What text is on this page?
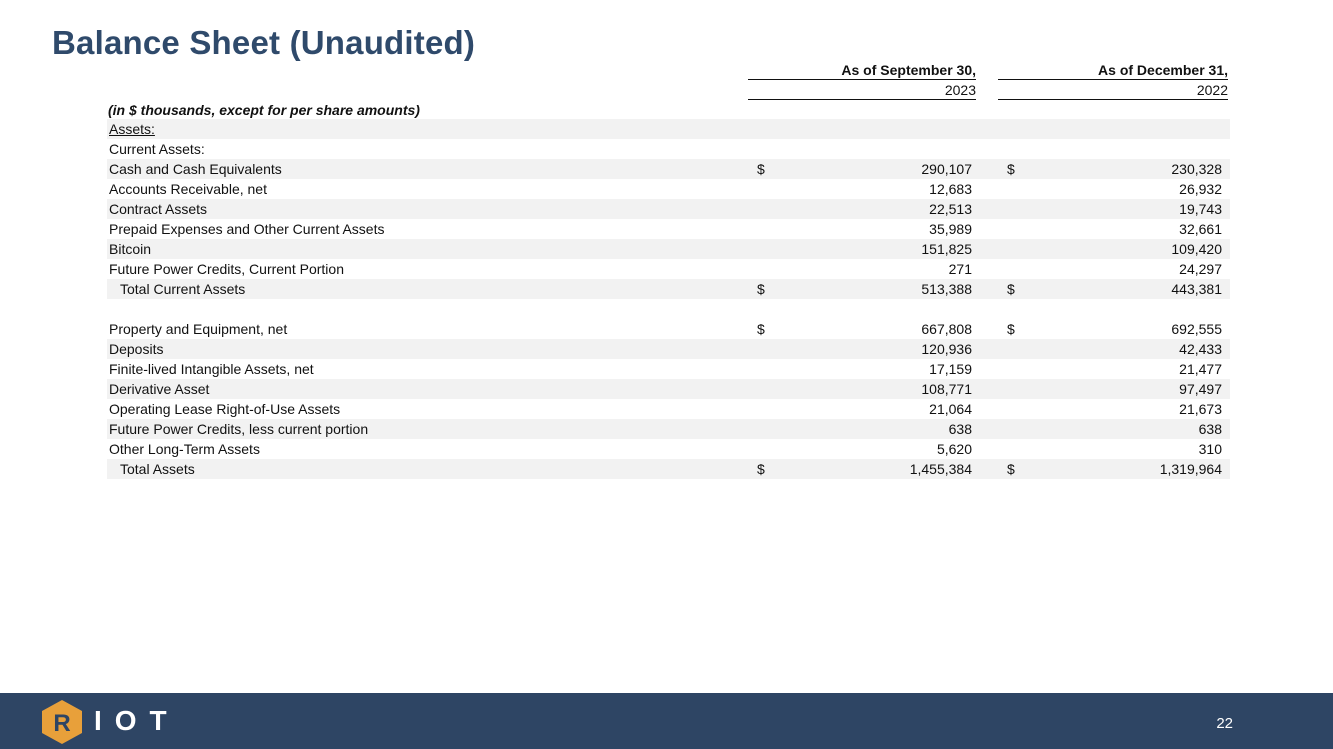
Balance Sheet (Unaudited)
As of September 30,	As of December 31,
2023	2022
(in $ thousands, except for per share amounts)
Assets:
Current Assets:
Cash and Cash Equivalents	$	290,107	$	230,328
Accounts Receivable, net	12,683	26,932
Contract Assets	22,513	19,743
Prepaid Expenses and Other Current Assets	35,989	32,661
Bitcoin	151,825	109,420
Future Power Credits, Current Portion	271	24,297
Total Current Assets	$	513,388	$	443,381
Property and Equipment, net	$	667,808	$	692,555
Deposits	120,936	42,433
Finite-lived Intangible Assets, net	17,159	21,477
Derivative Asset	108,771	97,497
Operating Lease Right-of-Use Assets	21,064	21,673
Future Power Credits, less current portion	638	638
Other Long-Term Assets	5,620	310
Total Assets	$	1,455,384	$	1,319,964
R IOT	22
